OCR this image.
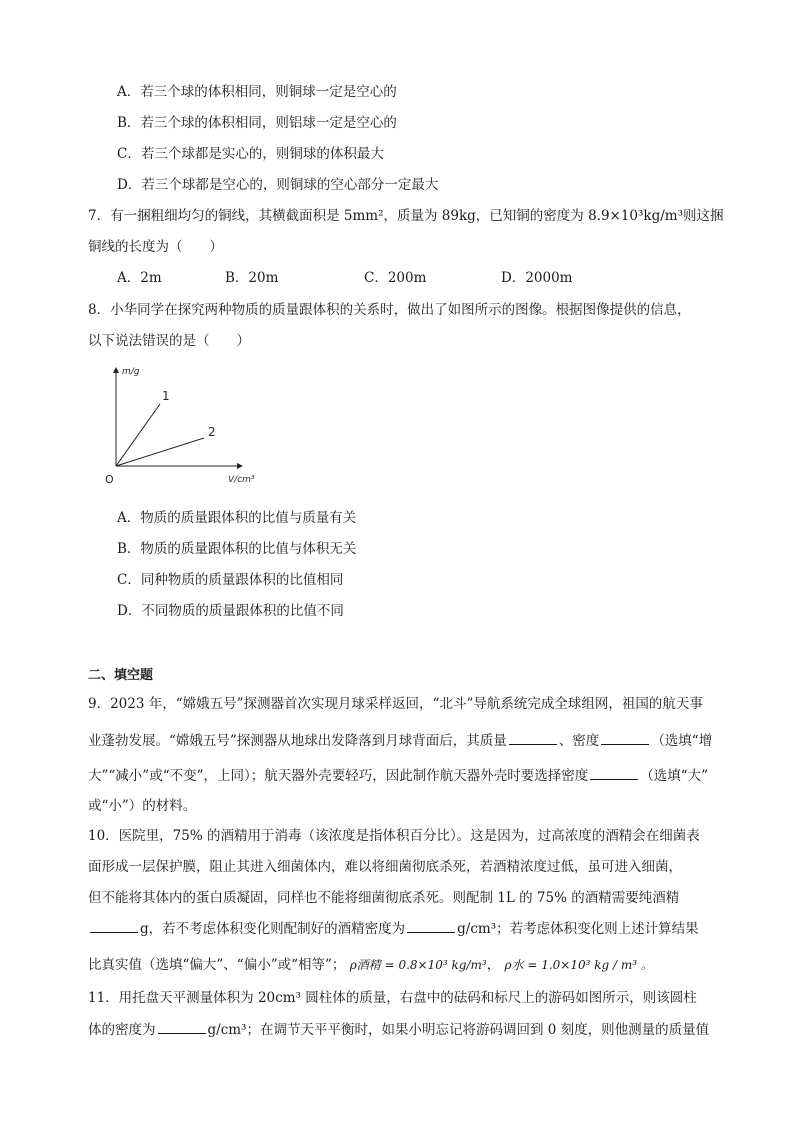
A．若三个球的体积相同，则铜球一定是空心的
B．若三个球的体积相同，则铝球一定是空心的
C．若三个球都是实心的，则铜球的体积最大
D．若三个球都是空心的，则铜球的空心部分一定最大
7．有一捆粗细均匀的铜线，其横截面积是 5mm²，质量为 89kg，已知铜的密度为 8.9×10³kg/m³则这捆
铜线的长度为（　　）
A．2m	B．20m	C．200m	D．2000m
8．小华同学在探究两种物质的质量跟体积的关系时，做出了如图所示的图像。根据图像提供的信息，
以下说法错误的是（　　）
m/g
V/cm³
O
1
2
A．物质的质量跟体积的比值与质量有关
B．物质的质量跟体积的比值与体积无关
C．同种物质的质量跟体积的比值相同
D．不同物质的质量跟体积的比值不同
二、填空题
9．2023 年，“嫦娥五号”探测器首次实现月球采样返回，“北斗”导航系统完成全球组网，祖国的航天事
业蓬勃发展。“嫦娥五号”探测器从地球出发降落到月球背面后，其质量	、密度	（选填“增
大”“减小”或“不变”，上同）；航天器外壳要轻巧，因此制作航天器外壳时要选择密度	（选填“大”
或“小”）的材料。
10．医院里，75% 的酒精用于消毒（该浓度是指体积百分比）。这是因为，过高浓度的酒精会在细菌表
面形成一层保护膜，阻止其进入细菌体内，难以将细菌彻底杀死，若酒精浓度过低，虽可进入细菌，
但不能将其体内的蛋白质凝固，同样也不能将细菌彻底杀死。则配制 1L 的 75% 的酒精需要纯酒精
g，若不考虑体积变化则配制好的酒精密度为	g/cm³；若考虑体积变化则上述计算结果
比真实值（选填“偏大”、“偏小”或“相等”； ρ酒精 = 0.8×10³ kg/m³， ρ水 = 1.0×10³ kg / m³ 。
11．用托盘天平测量体积为 20cm³ 圆柱体的质量，右盘中的砝码和标尺上的游码如图所示，则该圆柱
体的密度为	g/cm³；在调节天平平衡时，如果小明忘记将游码调回到 0 刻度，则他测量的质量值
